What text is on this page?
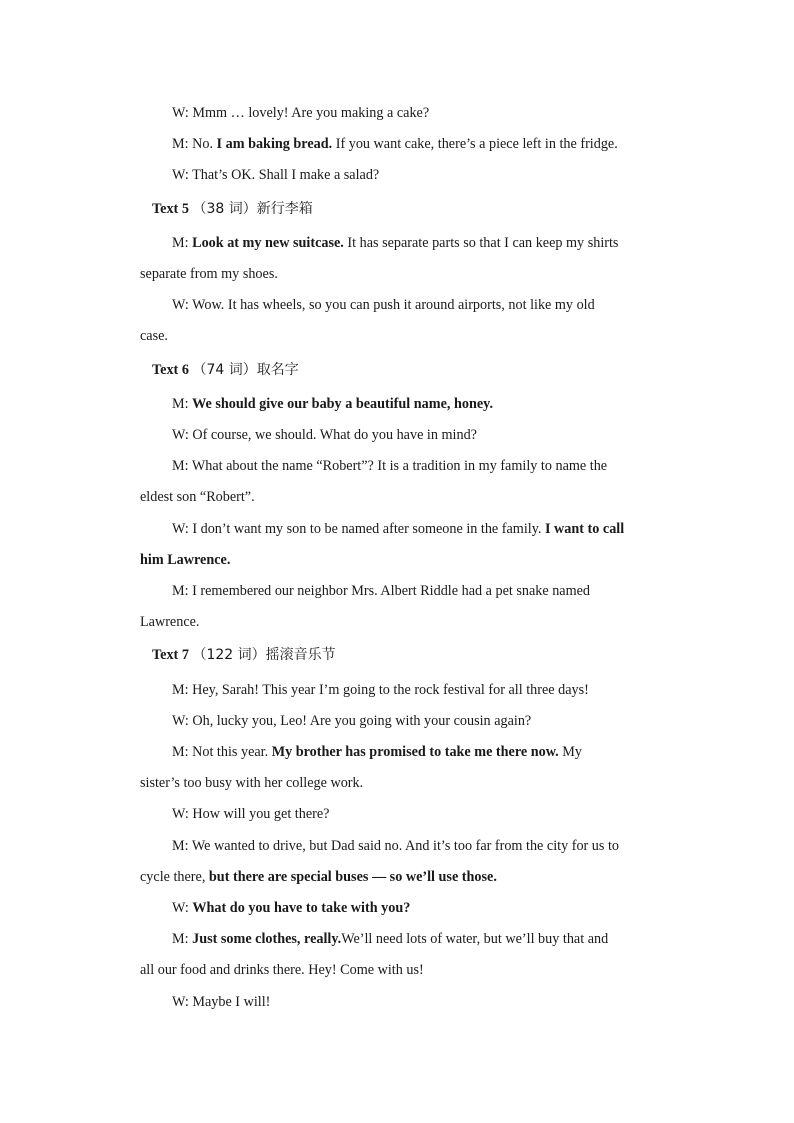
W: Mmm … lovely! Are you making a cake?

M: No. I am baking bread. If you want cake, there’s a piece left in the fridge.

W: That’s OK. Shall I make a salad?

Text 5 （38 词）新行李箱

M: Look at my new suitcase. It has separate parts so that I can keep my shirts

separate from my shoes.

W: Wow. It has wheels, so you can push it around airports, not like my old

case.

Text 6 （74 词）取名字

M: We should give our baby a beautiful name, honey.

W: Of course, we should. What do you have in mind?

M: What about the name “Robert”? It is a tradition in my family to name the

eldest son “Robert”.

W: I don’t want my son to be named after someone in the family. I want to call

him Lawrence.

M: I remembered our neighbor Mrs. Albert Riddle had a pet snake named

Lawrence.

Text 7 （122 词）摇滚音乐节

M: Hey, Sarah! This year I’m going to the rock festival for all three days!

W: Oh, lucky you, Leo! Are you going with your cousin again?

M: Not this year. My brother has promised to take me there now. My

sister’s too busy with her college work.

W: How will you get there?

M: We wanted to drive, but Dad said no. And it’s too far from the city for us to

cycle there, but there are special buses — so we’ll use those.

W: What do you have to take with you?

M: Just some clothes, really.We’ll need lots of water, but we’ll buy that and

all our food and drinks there. Hey! Come with us!

W: Maybe I will!
